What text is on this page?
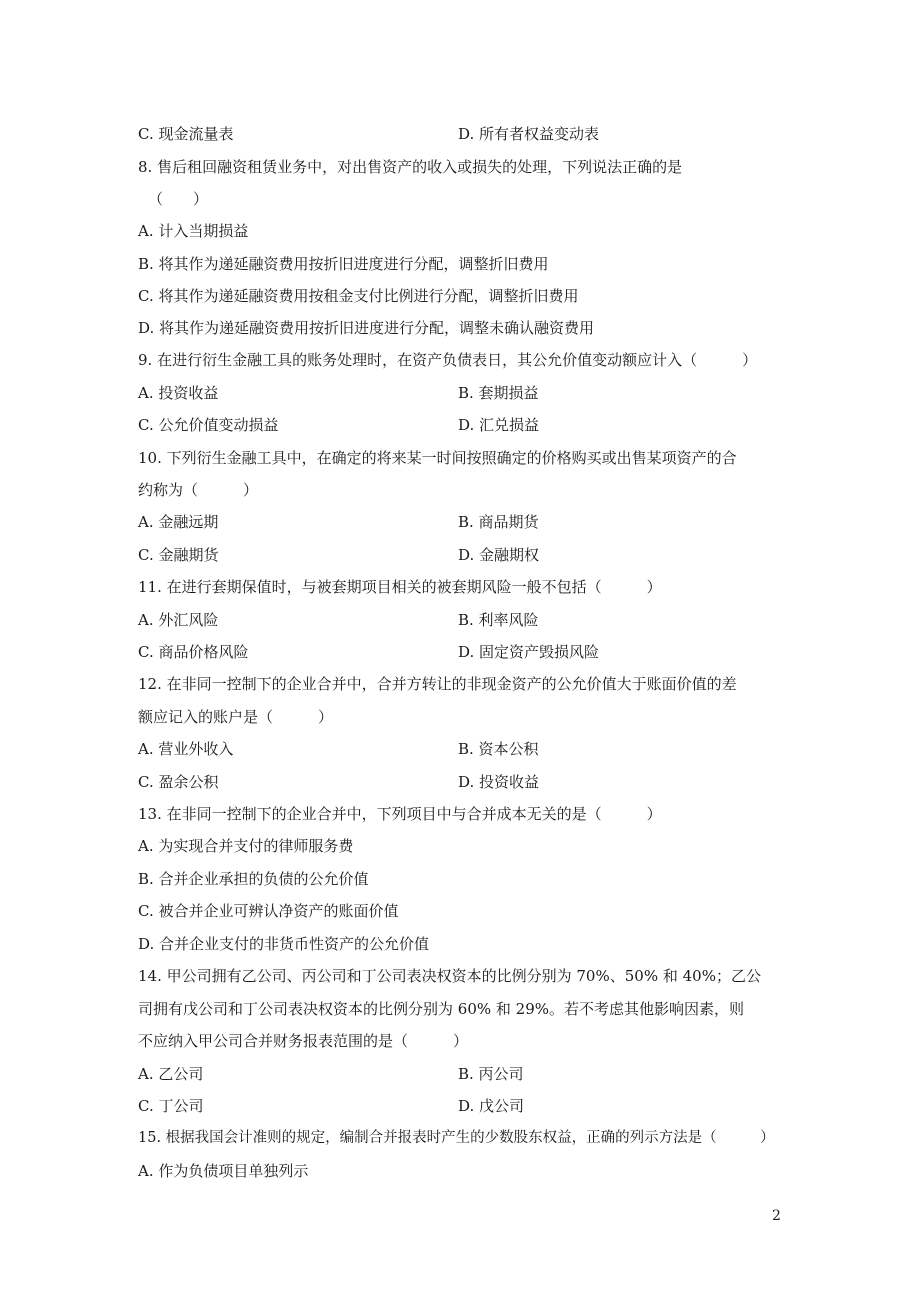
C. 现金流量表	D. 所有者权益变动表
8. 售后租回融资租赁业务中，对出售资产的收入或损失的处理，下列说法正确的是
（　　）
A. 计入当期损益
B. 将其作为递延融资费用按折旧进度进行分配，调整折旧费用
C. 将其作为递延融资费用按租金支付比例进行分配，调整折旧费用
D. 将其作为递延融资费用按折旧进度进行分配，调整未确认融资费用
9. 在进行衍生金融工具的账务处理时，在资产负债表日，其公允价值变动额应计入（　　　）
A. 投资收益	B. 套期损益
C. 公允价值变动损益	D. 汇兑损益
10. 下列衍生金融工具中，在确定的将来某一时间按照确定的价格购买或出售某项资产的合
约称为（　　　）
A. 金融远期	B. 商品期货
C. 金融期货	D. 金融期权
11. 在进行套期保值时，与被套期项目相关的被套期风险一般不包括（　　　）
A. 外汇风险	B. 利率风险
C. 商品价格风险	D. 固定资产毁损风险
12. 在非同一控制下的企业合并中，合并方转让的非现金资产的公允价值大于账面价值的差
额应记入的账户是（　　　）
A. 营业外收入	B. 资本公积
C. 盈余公积	D. 投资收益
13. 在非同一控制下的企业合并中，下列项目中与合并成本无关的是（　　　）
A. 为实现合并支付的律师服务费
B. 合并企业承担的负债的公允价值
C. 被合并企业可辨认净资产的账面价值
D. 合并企业支付的非货币性资产的公允价值
14. 甲公司拥有乙公司、丙公司和丁公司表决权资本的比例分别为 70%、50% 和 40%；乙公
司拥有戊公司和丁公司表决权资本的比例分别为 60% 和 29%。若不考虑其他影响因素，则
不应纳入甲公司合并财务报表范围的是（　　　）
A. 乙公司	B. 丙公司
C. 丁公司	D. 戊公司
15. 根据我国会计准则的规定，编制合并报表时产生的少数股东权益，正确的列示方法是（　　　）
A. 作为负债项目单独列示
2
